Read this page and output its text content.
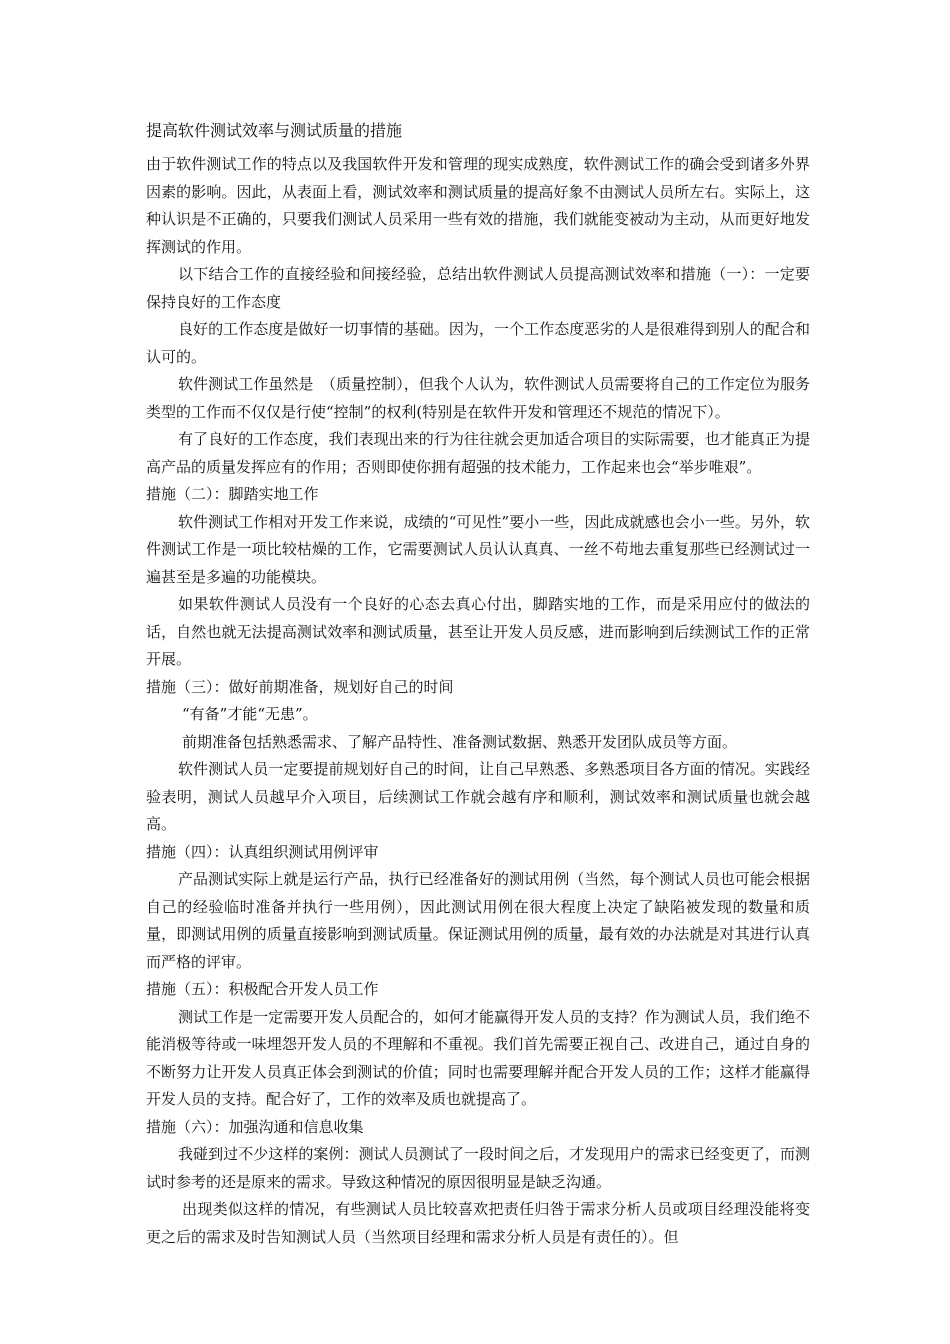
提高软件测试效率与测试质量的措施

由于软件测试工作的特点以及我国软件开发和管理的现实成熟度，软件测试工作的确会受到诸多外界因素的影响。因此，从表面上看，测试效率和测试质量的提高好象不由测试人员所左右。实际上，这种认识是不正确的，只要我们测试人员采用一些有效的措施，我们就能变被动为主动，从而更好地发挥测试的作用。

以下结合工作的直接经验和间接经验，总结出软件测试人员提高测试效率和措施（一）：一定要保持良好的工作态度

良好的工作态度是做好一切事情的基础。因为，一个工作态度恶劣的人是很难得到别人的配合和认可的。

软件测试工作虽然是　（质量控制），但我个人认为，软件测试人员需要将自己的工作定位为服务类型的工作而不仅仅是行使“控制”的权利(特别是在软件开发和管理还不规范的情况下）。

有了良好的工作态度，我们表现出来的行为往往就会更加适合项目的实际需要，也才能真正为提高产品的质量发挥应有的作用；否则即使你拥有超强的技术能力，工作起来也会“举步唯艰”。

措施（二）：脚踏实地工作

软件测试工作相对开发工作来说，成绩的“可见性”要小一些，因此成就感也会小一些。另外，软件测试工作是一项比较枯燥的工作，它需要测试人员认认真真、一丝不苟地去重复那些已经测试过一遍甚至是多遍的功能模块。

如果软件测试人员没有一个良好的心态去真心付出，脚踏实地的工作，而是采用应付的做法的话，自然也就无法提高测试效率和测试质量，甚至让开发人员反感，进而影响到后续测试工作的正常开展。

措施（三）：做好前期准备，规划好自己的时间

“有备”才能“无患”。

前期准备包括熟悉需求、了解产品特性、准备测试数据、熟悉开发团队成员等方面。

软件测试人员一定要提前规划好自己的时间，让自己早熟悉、多熟悉项目各方面的情况。实践经验表明，测试人员越早介入项目，后续测试工作就会越有序和顺利，测试效率和测试质量也就会越高。

措施（四）：认真组织测试用例评审

产品测试实际上就是运行产品，执行已经准备好的测试用例（当然，每个测试人员也可能会根据自己的经验临时准备并执行一些用例），因此测试用例在很大程度上决定了缺陷被发现的数量和质量，即测试用例的质量直接影响到测试质量。保证测试用例的质量，最有效的办法就是对其进行认真而严格的评审。

措施（五）：积极配合开发人员工作

测试工作是一定需要开发人员配合的，如何才能赢得开发人员的支持？作为测试人员，我们绝不能消极等待或一味埋怨开发人员的不理解和不重视。我们首先需要正视自己、改进自己，通过自身的不断努力让开发人员真正体会到测试的价值；同时也需要理解并配合开发人员的工作；这样才能赢得开发人员的支持。配合好了，工作的效率及质也就提高了。

措施（六）：加强沟通和信息收集

我碰到过不少这样的案例：测试人员测试了一段时间之后，才发现用户的需求已经变更了，而测试时参考的还是原来的需求。导致这种情况的原因很明显是缺乏沟通。

出现类似这样的情况，有些测试人员比较喜欢把责任归咎于需求分析人员或项目经理没能将变更之后的需求及时告知测试人员（当然项目经理和需求分析人员是有责任的）。但
